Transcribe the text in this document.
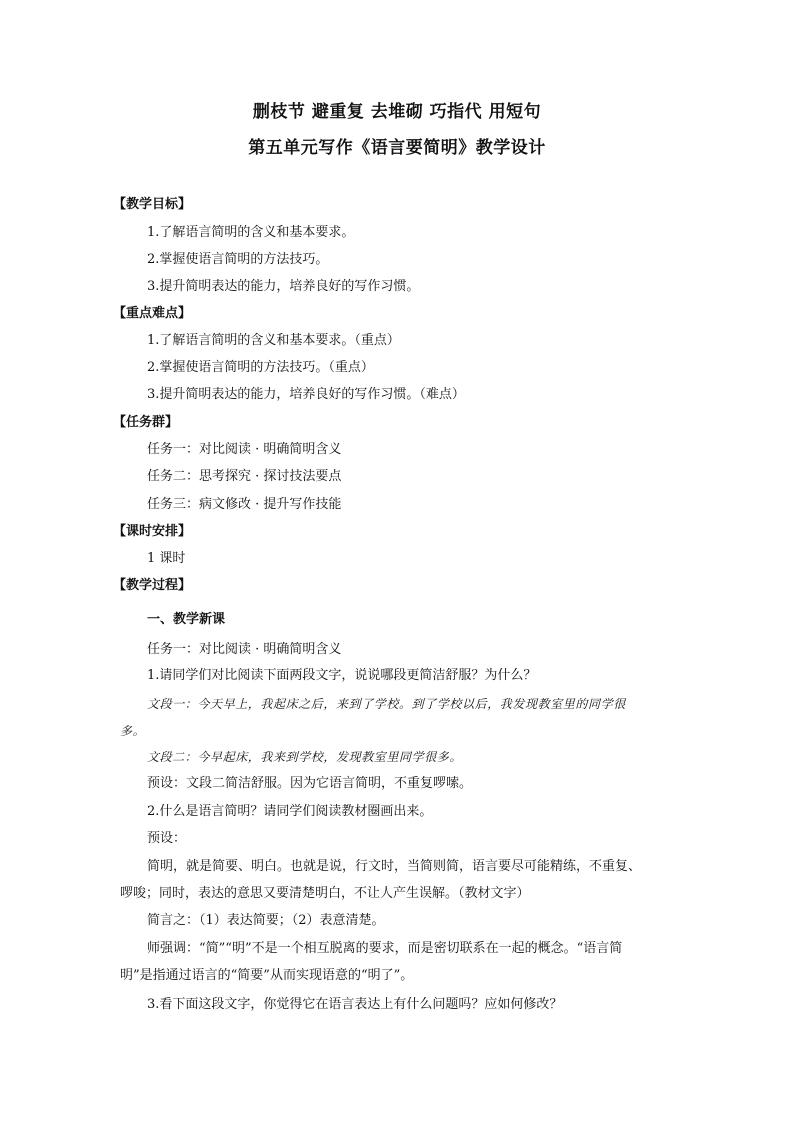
删枝节 避重复 去堆砌 巧指代 用短句
第五单元写作《语言要简明》教学设计
【教学目标】
1.了解语言简明的含义和基本要求。
2.掌握使语言简明的方法技巧。
3.提升简明表达的能力，培养良好的写作习惯。
【重点难点】
1.了解语言简明的含义和基本要求。（重点）
2.掌握使语言简明的方法技巧。（重点）
3.提升简明表达的能力，培养良好的写作习惯。（难点）
【任务群】
任务一：对比阅读 · 明确简明含义
任务二：思考探究 · 探讨技法要点
任务三：病文修改 · 提升写作技能
【课时安排】
1 课时
【教学过程】
一、教学新课
任务一：对比阅读 · 明确简明含义
1.请同学们对比阅读下面两段文字，说说哪段更简洁舒服？为什么？
文段一：今天早上，我起床之后，来到了学校。到了学校以后，我发现教室里的同学很
多。
文段二：今早起床，我来到学校，发现教室里同学很多。
预设：文段二简洁舒服。因为它语言简明，不重复啰嗦。
2.什么是语言简明？请同学们阅读教材圈画出来。
预设：
简明，就是简要、明白。也就是说，行文时，当简则简，语言要尽可能精练，不重复、
啰唆；同时，表达的意思又要清楚明白，不让人产生误解。（教材文字）
简言之：（1）表达简要；（2）表意清楚。
师强调：“简”“明”不是一个相互脱离的要求，而是密切联系在一起的概念。“语言简
明”是指通过语言的“简要”从而实现语意的“明了”。
3.看下面这段文字，你觉得它在语言表达上有什么问题吗？应如何修改？
